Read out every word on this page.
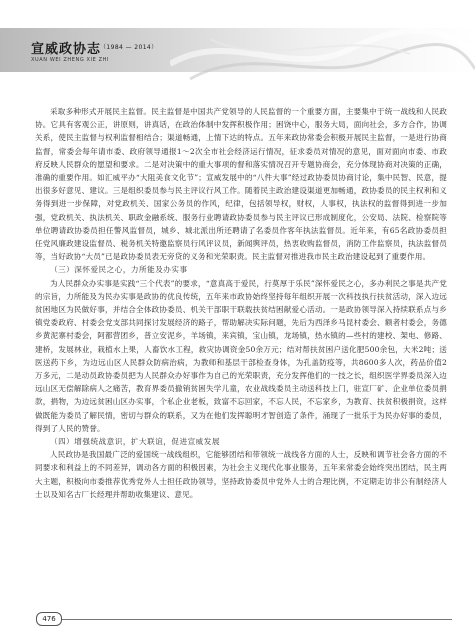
宣威政协志
（1984 — 2014）
XUAN WEI ZHENG XIE ZHI

采取多种形式开展民主监督。民主监督是中国共产党领导的人民监督的一个重要方面，主要集中于统一战线和人民政协。它具有客观公正，讲原则，讲真话，在政治体制中发挥积极作用；困饶中心，服务大局，面向社会，多方合作，协调关系，使民主监督与权利监督相结合；渠道畅通，上情下达的特点。五年来政协常委会积极开展民主监督，一是进行协商监督，常委会每年请市委、政府领导通报1～2次全市社会经济运行情况，征求委员对情况的意见，面对面向市委、市政府反映人民群众的愿望和要求。二是对决策中的重大事项的督和落实情况召开专题协商会，充分体现协商对决策的正确，准确的重要作用。如汇威平办“大阻美食文化节”；宣威发展中的“八件大事”经过政协委员协商讨论，集中民智、民意，提出很多好意见、建议。三是组织委员参与民主评议行风工作。随着民主政治建设渠道更加畅通，政协委员的民主权利和义务得到进一步保障，对党政机关、国家公务员的作风，纪律，包括领导权，财权，人事权，执法权的监督得到进一步加强，党政机关、执法机关、职政金融系统、服务行业聘请政协委员参与民主评议已形成制度化，公安局、法院、检察院等单位聘请政协委员担任警风监督员，城乡、城北派出所还聘请了名委员作客年执法监督员。近年来，有65名政协委员担任党风廉政建设监督员、税务机关特邀监察员行风评议员，新闻舆评员，热衷收购监督员，消防工作监察员，执法监督员等，当好政协“大员”已是政协委员表无旁贷的义务和光荣职责。民主监督对推进我市民主政治建设起到了重要作用。

（三）深怀爱民之心，力所能及办实事

为人民群众办实事是实践“三个代表”的要求，“意真高于爱民，行莫厚于乐民”深怀爱民之心，多办利民之事是共产党的宗旨，力所能及为民办实事是政协的优良传统，五年来市政协始终坚持每年组织开展一次科技执行扶贫活动，深入边远贫困地区为民做好事，并结合全体政协委员、机关干部职干联载扶贫结困献爱心活动。一是政协领导深入持续联系点与乡镇党委政府、村委会党支部共同探讨发展经济的路子，帮助解决实际问题，先后为西泽乡马昆村委会、额者村委会，务德乡黄泥寨村委会，阿都营团乡，普立安泥乡，羊场镇，来宾镇，宝山镇，龙场镇，热水镇的—些村的建校、架电、修路、建桥，发展林业，栽植水上果，人畜饮水工程，救灾协调资金50余万元；结对帮扶贫困户送化肥500余包，大米2吨；送医送药下乡，为边远山区人民群众防病治病，为教师和基层干部检查身体，为孔盖防疫等，共8600多人次，药品价值2万多元，二是动员政协委员把为人民群众办好事作为自己的光荣职责，充分发挥他们的一技之长，组织医学界委员深入边远山区无偿解除病人之痛苦，教育界委员撤销贫困失学儿童，农业战线委员主动送科技上门，驻宣厂矿、企业单位委员捐款，捐物，为边远贫困山区办实事，个私企业老板，致富不忘回家，不忘人民，不忘家乡，为教育、扶贫积极捐资，这样做既能为委员了解民情，密切与群众的联系，又为在他们发挥聪明才智创造了条件，涌现了一批乐于为民办好事的委员，得到了人民的赞誉。

（四）增强统战意识，扩大联谊，促进宣威发展

人民政协是我国最广泛的爱国统一战线组织，它能够团结和带领统一战线各方面的人士，反映和调节社会各方面的不同要求和利益上的不同差异，调动各方面的积极因素，为社会主义现代化事业服务，五年来常委会始终突出团结，民主两大主题，积极向市委推荐优秀党外人士担任政协领导，坚持政协委员中党外人士的合理比例，不定期走访非公有制经济人士以及知名古厂长经理并帮助收集建议、意见。

476
